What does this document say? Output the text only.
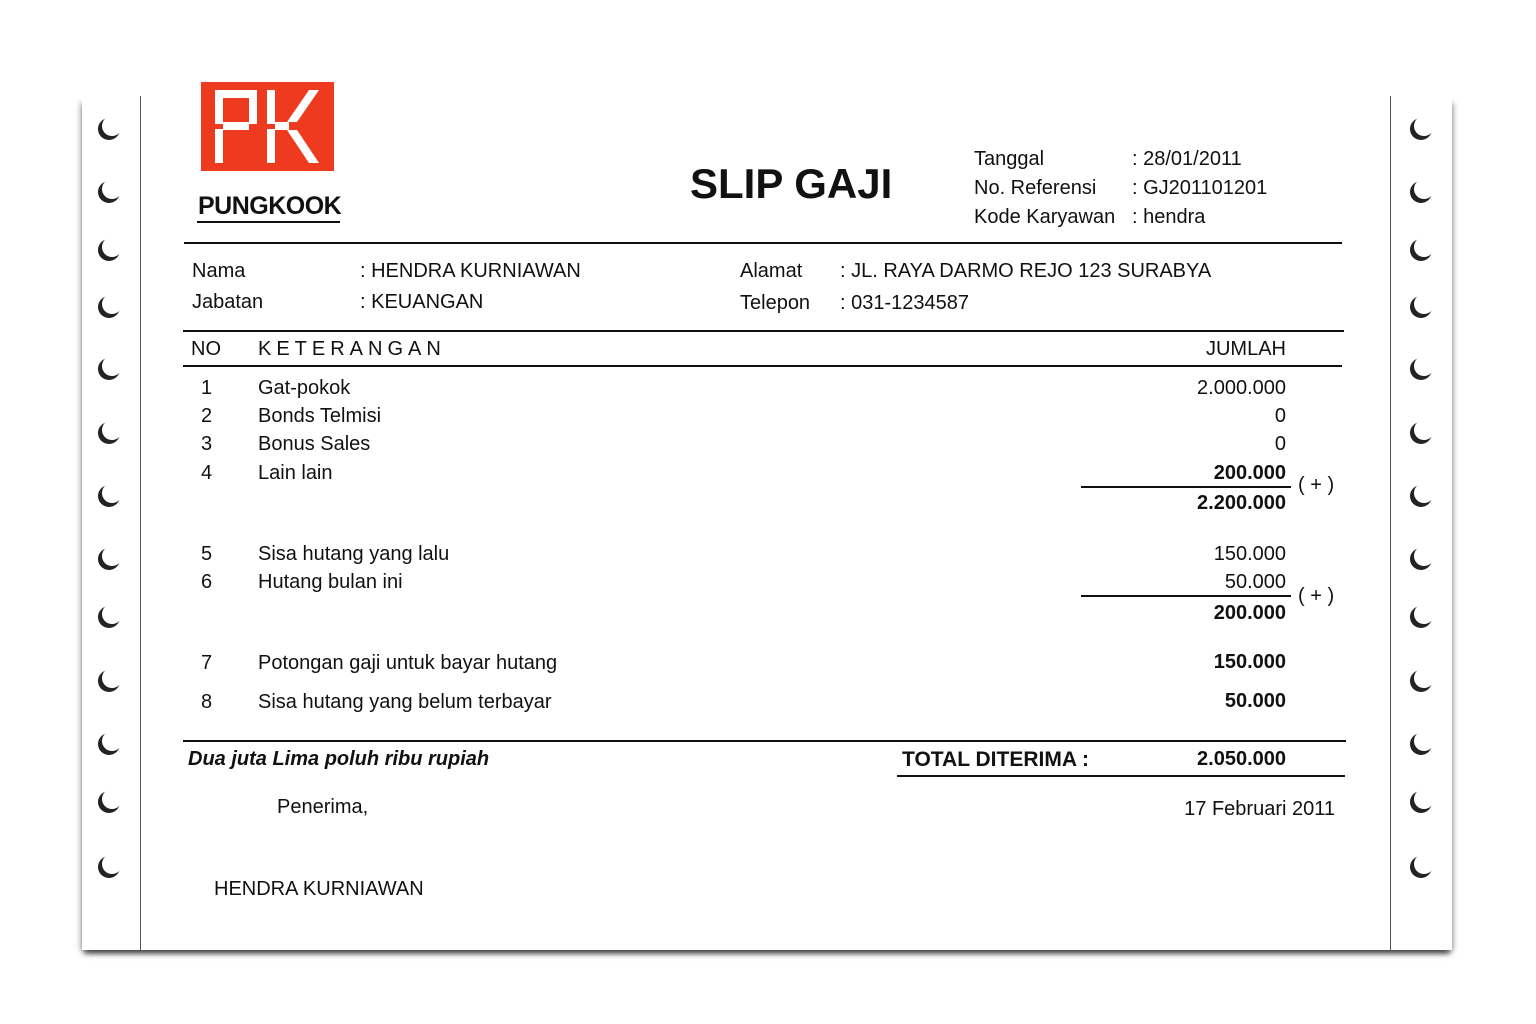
PUNGKOOK	SLIP GAJI
Tanggal	: 28/01/2011
No. Referensi : GJ201101201
Kode Karyawan : hendra
Nama	: HENDRA KURNIAWAN
Jabatan	: KEUANGAN
Alamat : JL. RAYA DARMO REJO 123 SURABYA
Telepon : 031-1234587
NO KETERANGAN	JUMLAH
1 Gat-pokok	2.000.000
2 Bonds Telmisi	0
3 Bonus Sales	0
4 Lain lain	200.000
( + )
2.200.000
5 Sisa hutang yang lalu	150.000
6 Hutang bulan ini	50.000
( + )
200.000
7 Potongan gaji untuk bayar hutang	150.000
8 Sisa hutang yang belum terbayar	50.000
Dua juta Lima poluh ribu rupiah	TOTAL DITERIMA :	2.050.000
Penerima,	17 Februari 2011
HENDRA KURNIAWAN
